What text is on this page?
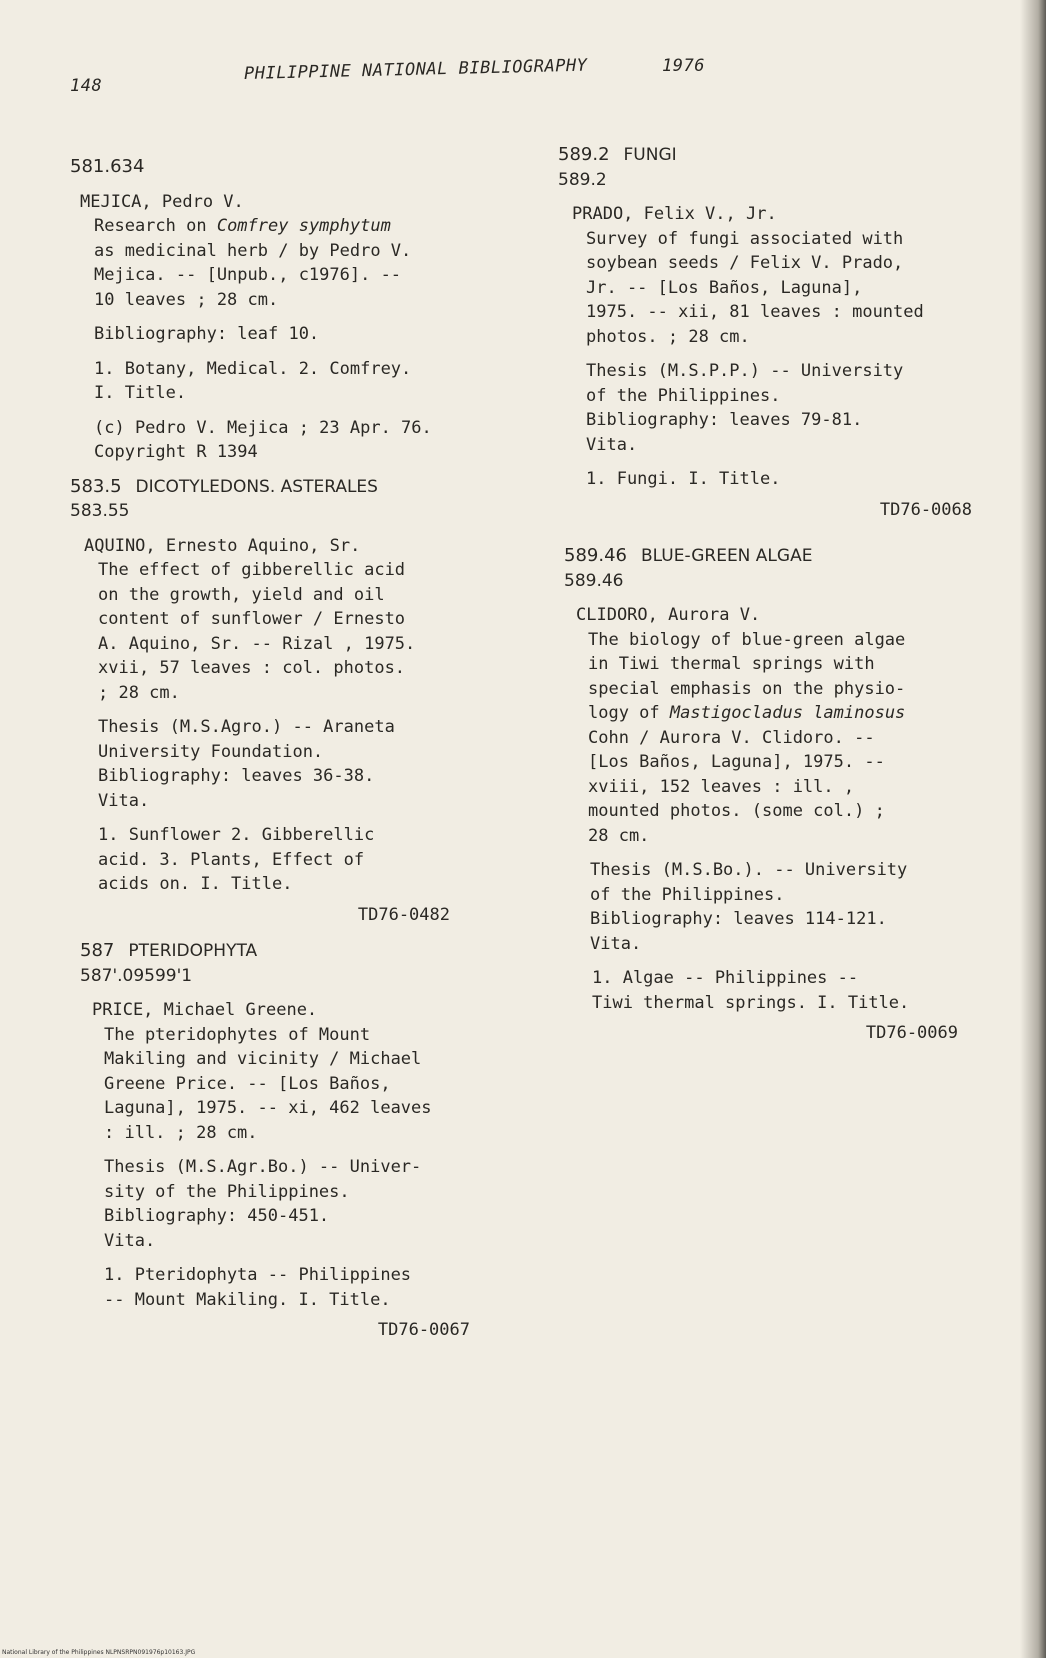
148
PHILIPPINE NATIONAL BIBLIOGRAPHY	1976
581.634

MEJICA, Pedro V.

Research on Comfrey symphytum
as medicinal herb / by Pedro V.
Mejica. -- [Unpub., c1976]. --
10 leaves ; 28 cm.

Bibliography: leaf 10.

1. Botany, Medical. 2. Comfrey.
I. Title.

(c) Pedro V. Mejica ; 23 Apr. 76.
Copyright R 1394

583.5 DICOTYLEDONS. ASTERALES

583.55

AQUINO, Ernesto Aquino, Sr.

The effect of gibberellic acid
on the growth, yield and oil
content of sunflower / Ernesto
A. Aquino, Sr. -- Rizal , 1975.
xvii, 57 leaves : col. photos.
; 28 cm.

Thesis (M.S.Agro.) -- Araneta
University Foundation.
Bibliography: leaves 36-38.
Vita.

1. Sunflower 2. Gibberellic
acid. 3. Plants, Effect of
acids on. I. Title.

TD76-0482

587 PTERIDOPHYTA

587'.09599'1

PRICE, Michael Greene.

The pteridophytes of Mount
Makiling and vicinity / Michael
Greene Price. -- [Los Baños,
Laguna], 1975. -- xi, 462 leaves
: ill. ; 28 cm.

Thesis (M.S.Agr.Bo.) -- Univer-
sity of the Philippines.
Bibliography: 450-451.
Vita.

1. Pteridophyta -- Philippines
-- Mount Makiling. I. Title.

TD76-0067

589.2 FUNGI

589.2

PRADO, Felix V., Jr.

Survey of fungi associated with
soybean seeds / Felix V. Prado,
Jr. -- [Los Baños, Laguna],
1975. -- xii, 81 leaves : mounted
photos. ; 28 cm.

Thesis (M.S.P.P.) -- University
of the Philippines.
Bibliography: leaves 79-81.
Vita.

1. Fungi. I. Title.

TD76-0068

589.46 BLUE-GREEN ALGAE

589.46

CLIDORO, Aurora V.

The biology of blue-green algae
in Tiwi thermal springs with
special emphasis on the physio-
logy of Mastigocladus laminosus
Cohn / Aurora V. Clidoro. --
[Los Baños, Laguna], 1975. --
xviii, 152 leaves : ill. ,
mounted photos. (some col.) ;
28 cm.

Thesis (M.S.Bo.). -- University
of the Philippines.
Bibliography: leaves 114-121.
Vita.

1. Algae -- Philippines --
Tiwi thermal springs. I. Title.

TD76-0069

National Library of the Philippines NLPNSRPN091976p10163.JPG
